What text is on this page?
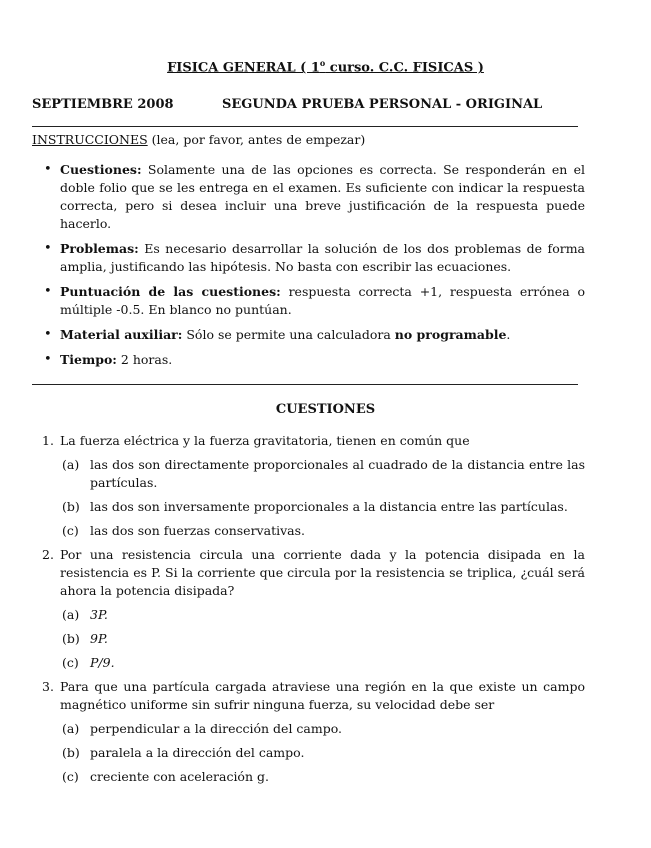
FISICA GENERAL ( 1$^o$ curso. C.C. FISICAS )
SEPTIEMBRE 2008	SEGUNDA PRUEBA PERSONAL - ORIGINAL
INSTRUCCIONES (lea, por favor, antes de empezar)
• Cuestiones: Solamente una de las opciones es correcta. Se responderán en el doble folio que se les entrega en el examen. Es suficiente con indicar la respuesta correcta, pero si desea incluir una breve justificación de la respuesta puede hacerlo.
• Problemas: Es necesario desarrollar la solución de los dos problemas de forma amplia, justificando las hipótesis. No basta con escribir las ecuaciones.
• Puntuación de las cuestiones: respuesta correcta +1, respuesta errónea o múltiple -0.5. En blanco no puntúan.
• Material auxiliar: Sólo se permite una calculadora no programable.
• Tiempo: 2 horas.
CUESTIONES
1. La fuerza eléctrica y la fuerza gravitatoria, tienen en común que
(a) las dos son directamente proporcionales al cuadrado de la distancia entre las partículas.
(b) las dos son inversamente proporcionales a la distancia entre las partículas.
(c) las dos son fuerzas conservativas.
2. Por una resistencia circula una corriente dada y la potencia disipada en la resistencia es P. Si la corriente que circula por la resistencia se triplica, ¿cuál será ahora la potencia disipada?
(a) 3P.
(b) 9P.
(c) P/9.
3. Para que una partícula cargada atraviese una región en la que existe un campo magnético uniforme sin sufrir ninguna fuerza, su velocidad debe ser
(a) perpendicular a la dirección del campo.
(b) paralela a la dirección del campo.
(c) creciente con aceleración g.
